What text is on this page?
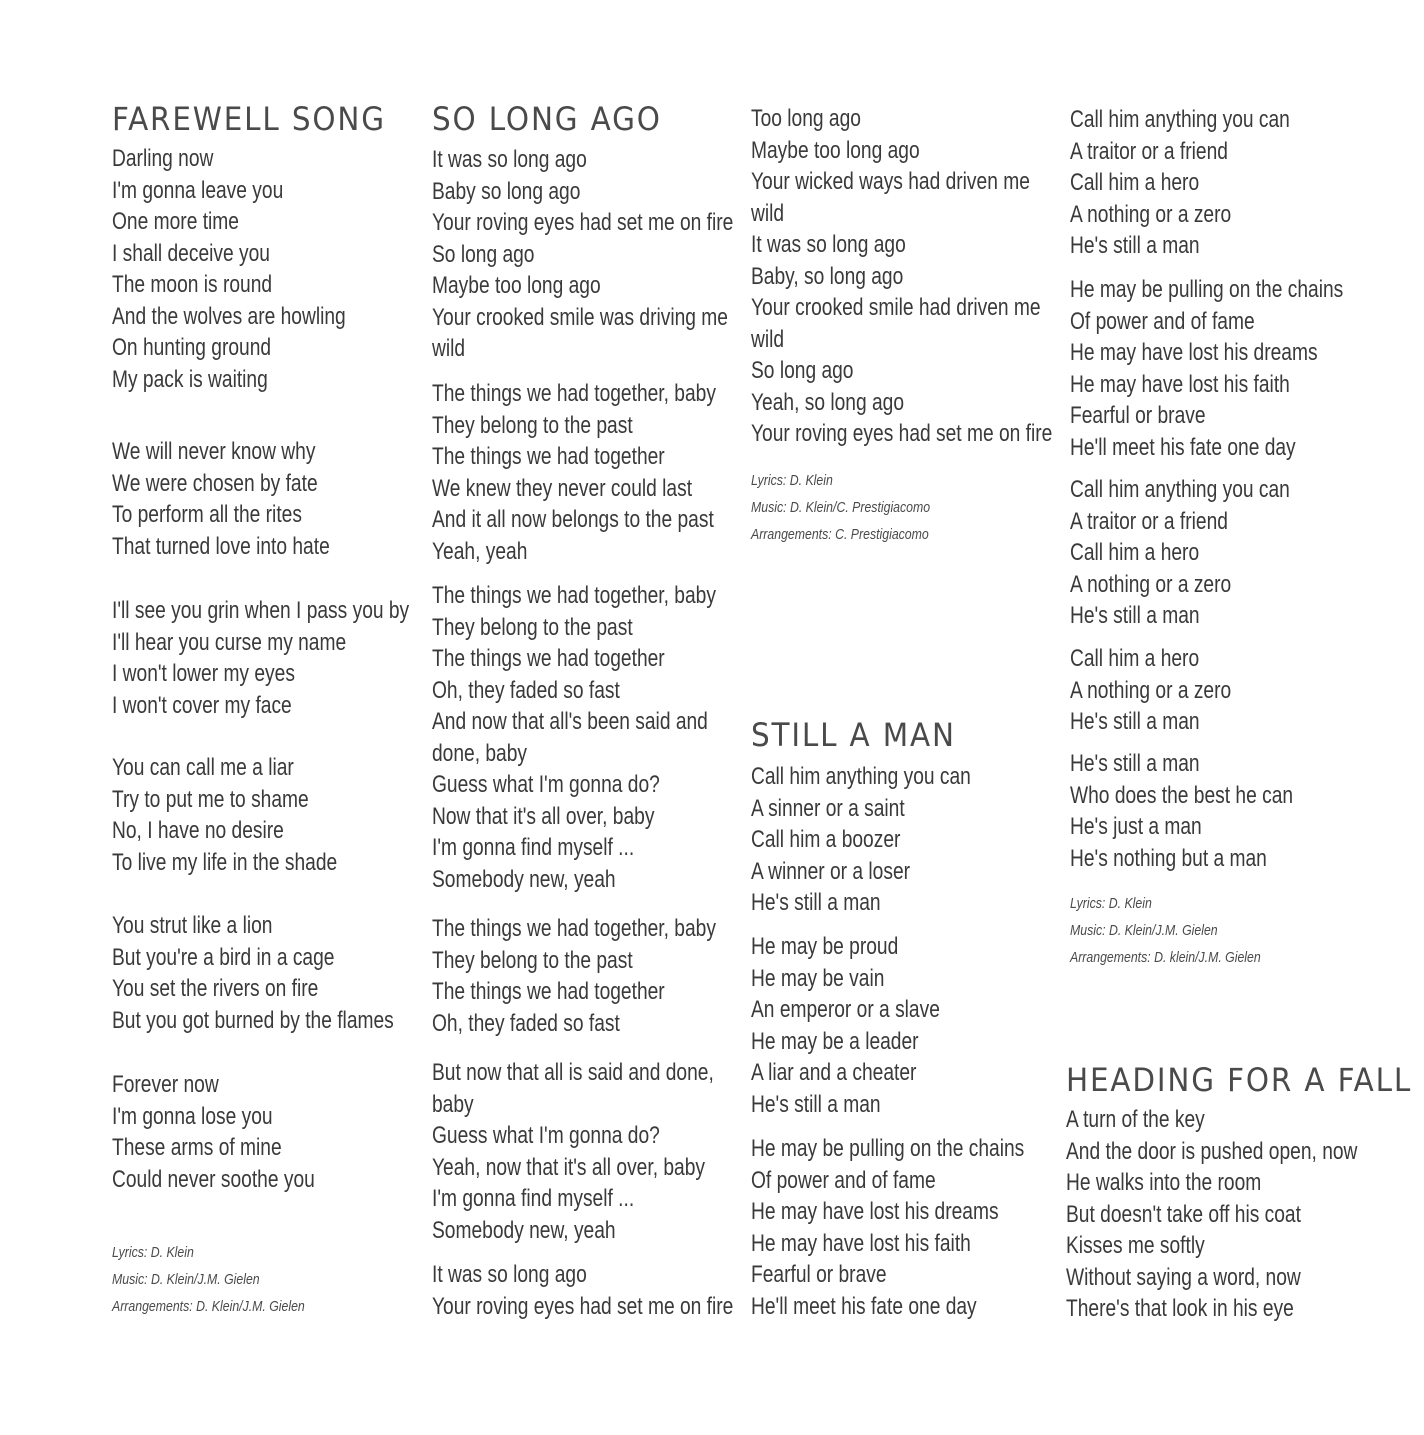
FAREWELL SONG
Darling now
I'm gonna leave you
One more time
I shall deceive you
The moon is round
And the wolves are howling
On hunting ground
My pack is waiting
We will never know why
We were chosen by fate
To perform all the rites
That turned love into hate
I'll see you grin when I pass you by
I'll hear you curse my name
I won't lower my eyes
I won't cover my face
You can call me a liar
Try to put me to shame
No, I have no desire
To live my life in the shade
You strut like a lion
But you're a bird in a cage
You set the rivers on fire
But you got burned by the flames
Forever now
I'm gonna lose you
These arms of mine
Could never soothe you
Lyrics: D. Klein
Music: D. Klein/J.M. Gielen
Arrangements: D. Klein/J.M. Gielen
SO LONG AGO
It was so long ago
Baby so long ago
Your roving eyes had set me on fire
So long ago
Maybe too long ago
Your crooked smile was driving me
wild
The things we had together, baby
They belong to the past
The things we had together
We knew they never could last
And it all now belongs to the past
Yeah, yeah
The things we had together, baby
They belong to the past
The things we had together
Oh, they faded so fast
And now that all's been said and
done, baby
Guess what I'm gonna do?
Now that it's all over, baby
I'm gonna find myself ...
Somebody new, yeah
The things we had together, baby
They belong to the past
The things we had together
Oh, they faded so fast
But now that all is said and done,
baby
Guess what I'm gonna do?
Yeah, now that it's all over, baby
I'm gonna find myself ...
Somebody new, yeah
It was so long ago
Your roving eyes had set me on fire
Too long ago
Maybe too long ago
Your wicked ways had driven me
wild
It was so long ago
Baby, so long ago
Your crooked smile had driven me
wild
So long ago
Yeah, so long ago
Your roving eyes had set me on fire
Lyrics: D. Klein
Music: D. Klein/C. Prestigiacomo
Arrangements: C. Prestigiacomo
STILL A MAN
Call him anything you can
A sinner or a saint
Call him a boozer
A winner or a loser
He's still a man
He may be proud
He may be vain
An emperor or a slave
He may be a leader
A liar and a cheater
He's still a man
He may be pulling on the chains
Of power and of fame
He may have lost his dreams
He may have lost his faith
Fearful or brave
He'll meet his fate one day
Call him anything you can
A traitor or a friend
Call him a hero
A nothing or a zero
He's still a man
He may be pulling on the chains
Of power and of fame
He may have lost his dreams
He may have lost his faith
Fearful or brave
He'll meet his fate one day
Call him anything you can
A traitor or a friend
Call him a hero
A nothing or a zero
He's still a man
Call him a hero
A nothing or a zero
He's still a man
He's still a man
Who does the best he can
He's just a man
He's nothing but a man
Lyrics: D. Klein
Music: D. Klein/J.M. Gielen
Arrangements: D. klein/J.M. Gielen
HEADING FOR A FALL
A turn of the key
And the door is pushed open, now
He walks into the room
But doesn't take off his coat
Kisses me softly
Without saying a word, now
There's that look in his eye
